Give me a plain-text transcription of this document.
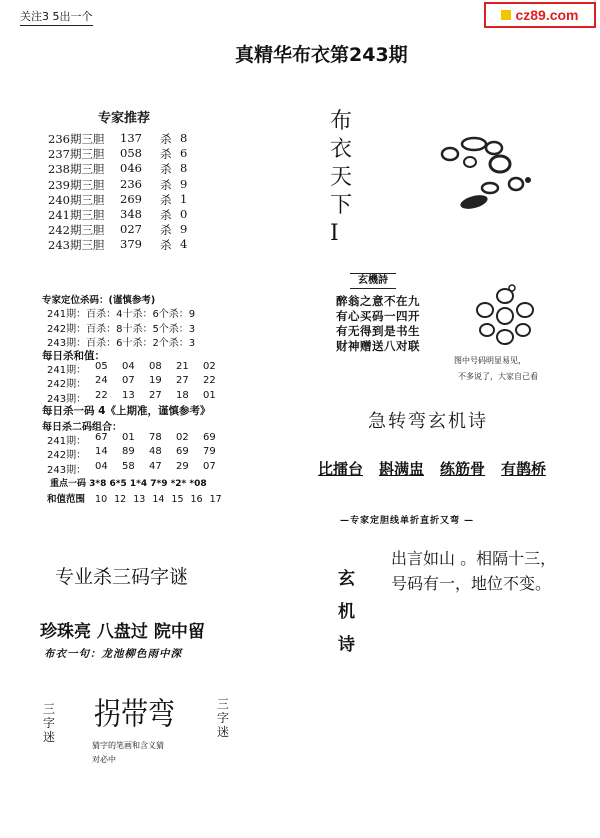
关注3 5出一个	cz89.com
真精华布衣第243期
专家推荐
236期三胆	137	杀 8
237期三胆	058	杀 6
238期三胆	046	杀 8
239期三胆	236	杀 9
240期三胆	269	杀 1
241期三胆	348	杀 0
242期三胆	027	杀 9
243期三胆	379	杀 4
专家定位杀码：(谨慎参考)
241期：百杀：4十杀：6个杀：9
242期：百杀：8十杀：5个杀：3
243期：百杀：6十杀：2个杀：3
每日杀和值：
241期： 05	04	08	21	02
242期： 24	07	19	27	22
243期： 22	13	27	18	01
每日杀一码 4《上期准，谨慎参考》
每日杀二码组合：
241期： 67	01	78	02	69
242期： 14	89	48	69	79
243期： 04	58	47	29	07
重点一码 3*8 6*5 1*4 7*9 *2* *08
和值范围 10 12 13 14 15 16 17
专业杀三码字谜
珍珠亮 八盘过 院中留
布衣一句：龙池柳色雨中深
三字迷
拐带弯	三字迷
猜字的笔画和含义猜
对必中
布衣天下I
玄機詩
醉翁之意不在九
有心买码一四开
有无得到是书生
财神赠送八对联
图中号码明显易见，
不多说了，大家自己看
急转弯玄机诗
比擂台 斟满盅 练筋骨 有鹊桥
—专家定胆线单折直折又弯 —
玄机诗
出言如山 。相隔十三，
号码有一，地位不变。
